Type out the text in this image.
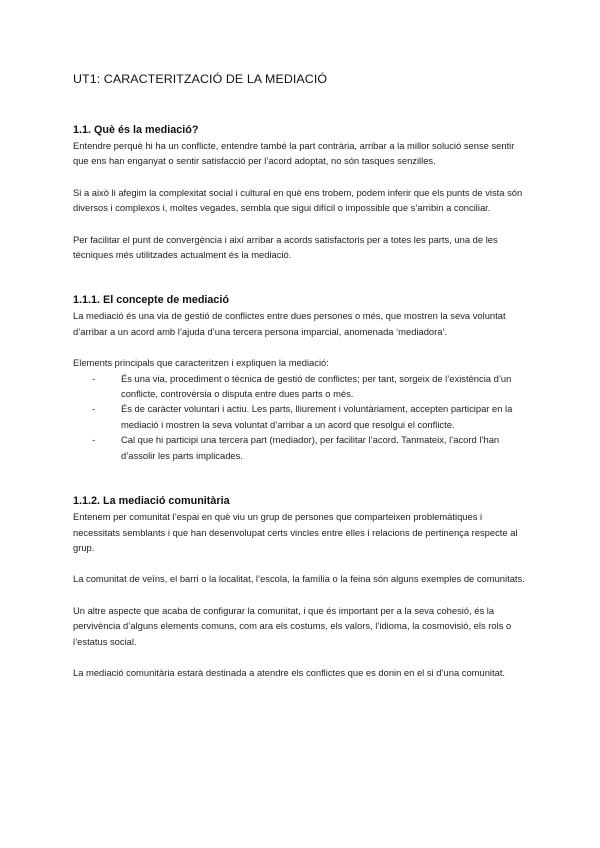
UT1: CARACTERITZACIÓ DE LA MEDIACIÓ
1.1. Què és la mediació?

Entendre perquè hi ha un conflicte, entendre també la part contrària, arribar a la millor solució sense sentir que ens han enganyat o sentir satisfacció per l’acord adoptat, no són tasques senzilles.

Si a això li afegim la complexitat social i cultural en què ens trobem, podem inferir que els punts de vista són diversos i complexos i, moltes vegades, sembla que sigui difícil o impossible que s’arribin a conciliar.

Per facilitar el punt de convergència i així arribar a acords satisfactoris per a totes les parts, una de les tècniques més utilitzades actualment és la mediació.

1.1.1. El concepte de mediació

La mediació és una via de gestió de conflictes entre dues persones o més, que mostren la seva voluntat d’arribar a un acord amb l’ajuda d’una tercera persona imparcial, anomenada ‘mediadora’.

Elements principals que caracteritzen i expliquen la mediació:
-	És una via, procediment o tècnica de gestió de conflictes; per tant, sorgeix de l’existència d’un conflicte, controvèrsia o disputa entre dues parts o més.
-	És de caràcter voluntari i actiu. Les parts, lliurement i voluntàriament, accepten participar en la mediació i mostren la seva voluntat d’arribar a un acord que resolgui el conflicte.
-	Cal que hi participi una tercera part (mediador), per facilitar l’acord. Tanmateix, l’acord l’han d’assolir les parts implicades.
1.1.2. La mediació comunitària

Entenem per comunitat l’espai en què viu un grup de persones que comparteixen problemàtiques i necessitats semblants i que han desenvolupat certs vincles entre elles i relacions de pertinença respecte al grup.

La comunitat de veïns, el barri o la localitat, l’escola, la família o la feina són alguns exemples de comunitats.

Un altre aspecte que acaba de configurar la comunitat, i que és important per a la seva cohesió, és la pervivència d’alguns elements comuns, com ara els costums, els valors, l’idioma, la cosmovisió, els rols o l’estatus social.

La mediació comunitària estarà destinada a atendre els conflictes que es donin en el si d’una comunitat.
